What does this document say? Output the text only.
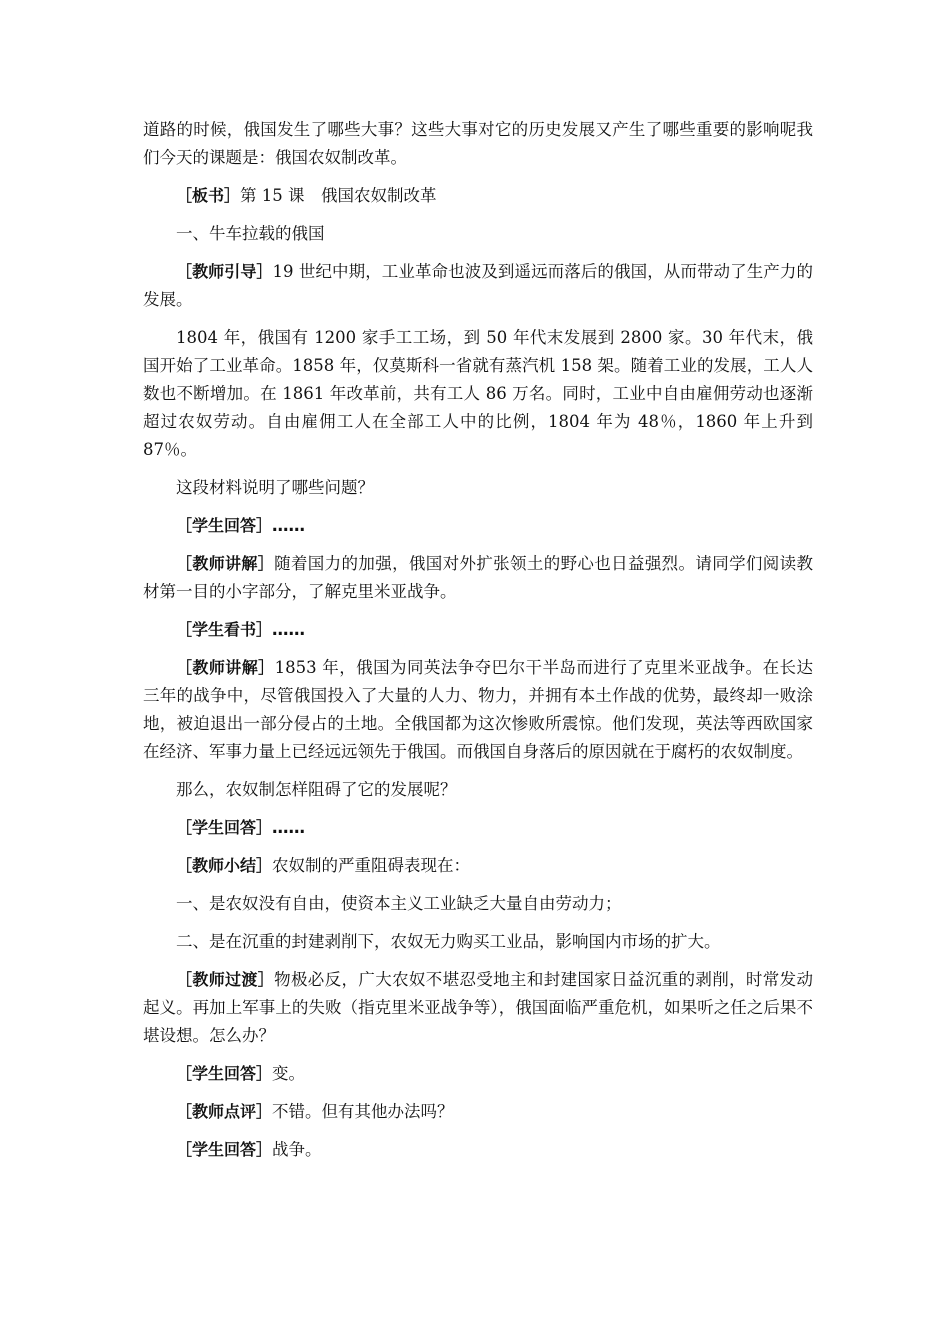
道路的时候，俄国发生了哪些大事？这些大事对它的历史发展又产生了哪些重要的影响呢我们今天的课题是：俄国农奴制改革。

［板书］第 15 课　俄国农奴制改革

一、牛车拉载的俄国

［教师引导］19 世纪中期，工业革命也波及到遥远而落后的俄国，从而带动了生产力的发展。

1804 年，俄国有 1200 家手工工场，到 50 年代末发展到 2800 家。30 年代末，俄国开始了工业革命。1858 年，仅莫斯科一省就有蒸汽机 158 架。随着工业的发展，工人人数也不断增加。在 1861 年改革前，共有工人 86 万名。同时，工业中自由雇佣劳动也逐渐超过农奴劳动。自由雇佣工人在全部工人中的比例，1804 年为 48％，1860 年上升到 87％。

这段材料说明了哪些问题？

［学生回答］……

［教师讲解］随着国力的加强，俄国对外扩张领土的野心也日益强烈。请同学们阅读教材第一目的小字部分，了解克里米亚战争。

［学生看书］……

［教师讲解］1853 年，俄国为同英法争夺巴尔干半岛而进行了克里米亚战争。在长达三年的战争中，尽管俄国投入了大量的人力、物力，并拥有本土作战的优势，最终却一败涂地，被迫退出一部分侵占的土地。全俄国都为这次惨败所震惊。他们发现，英法等西欧国家在经济、军事力量上已经远远领先于俄国。而俄国自身落后的原因就在于腐朽的农奴制度。

那么，农奴制怎样阻碍了它的发展呢？

［学生回答］……

［教师小结］农奴制的严重阻碍表现在：

一、是农奴没有自由，使资本主义工业缺乏大量自由劳动力；

二、是在沉重的封建剥削下，农奴无力购买工业品，影响国内市场的扩大。

［教师过渡］物极必反，广大农奴不堪忍受地主和封建国家日益沉重的剥削，时常发动起义。再加上军事上的失败（指克里米亚战争等），俄国面临严重危机，如果听之任之后果不堪设想。怎么办？

［学生回答］变。

［教师点评］不错。但有其他办法吗？

［学生回答］战争。
